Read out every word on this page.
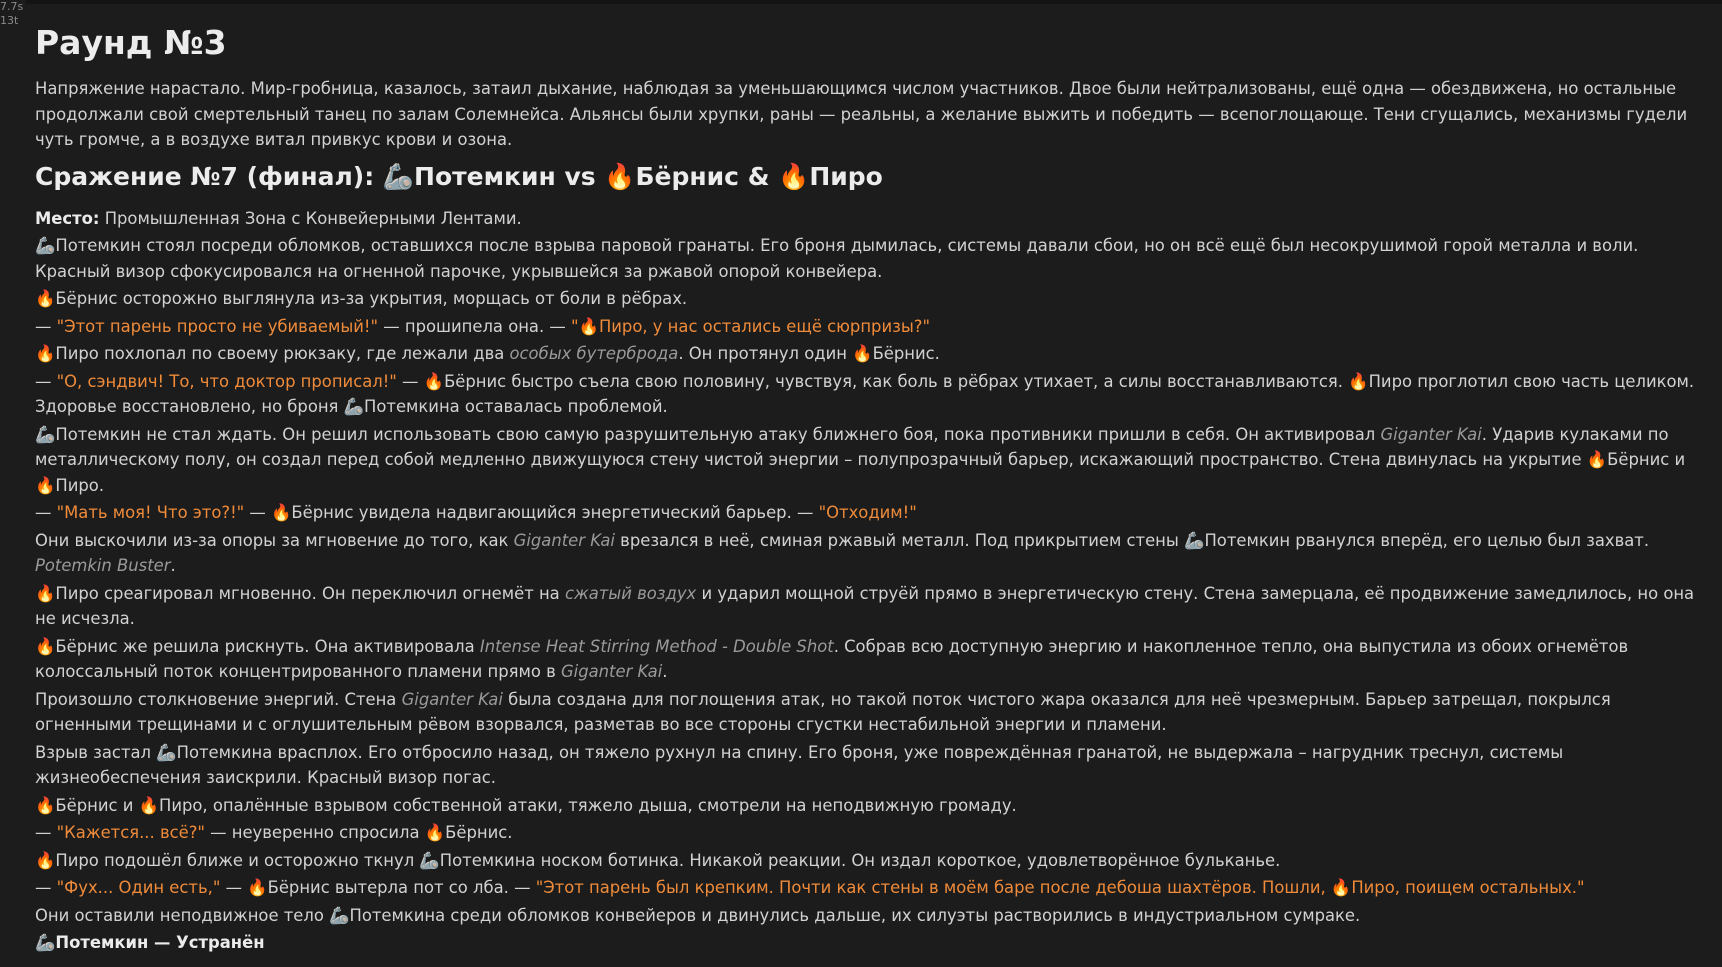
7.7s
13t
Раунд №3

Напряжение нарастало. Мир-гробница, казалось, затаил дыхание, наблюдая за уменьшающимся числом участников. Двое были нейтрализованы, ещё одна — обездвижена, но остальные продолжали свой смертельный танец по залам Солемнейса. Альянсы были хрупки, раны — реальны, а желание выжить и победить — всепоглощающе. Тени сгущались, механизмы гудели чуть громче, а в воздухе витал привкус крови и озона.

Сражение №7 (финал): 🦾Потемкин vs 🔥Бёрнис & 🔥Пиро
Место: Промышленная Зона с Конвейерными Лентами.
🦾Потемкин стоял посреди обломков, оставшихся после взрыва паровой гранаты. Его броня дымилась, системы давали сбои, но он всё ещё был несокрушимой горой металла и воли. Красный визор сфокусировался на огненной парочке, укрывшейся за ржавой опорой конвейера.
🔥Бёрнис осторожно выглянула из-за укрытия, морщась от боли в рёбрах.
— "Этот парень просто не убиваемый!" — прошипела она. — "🔥Пиро, у нас остались ещё сюрпризы?"
🔥Пиро похлопал по своему рюкзаку, где лежали два особых бутерброда. Он протянул один 🔥Бёрнис.
— "О, сэндвич! То, что доктор прописал!" — 🔥Бёрнис быстро съела свою половину, чувствуя, как боль в рёбрах утихает, а силы восстанавливаются. 🔥Пиро проглотил свою часть целиком. Здоровье восстановлено, но броня 🦾Потемкина оставалась проблемой.
🦾Потемкин не стал ждать. Он решил использовать свою самую разрушительную атаку ближнего боя, пока противники пришли в себя. Он активировал Giganter Kai. Ударив кулаками по металлическому полу, он создал перед собой медленно движущуюся стену чистой энергии – полупрозрачный барьер, искажающий пространство. Стена двинулась на укрытие 🔥Бёрнис и 🔥Пиро.
— "Мать моя! Что это?!" — 🔥Бёрнис увидела надвигающийся энергетический барьер. — "Отходим!"
Они выскочили из-за опоры за мгновение до того, как Giganter Kai врезался в неё, сминая ржавый металл. Под прикрытием стены 🦾Потемкин рванулся вперёд, его целью был захват. Potemkin Buster.
🔥Пиро среагировал мгновенно. Он переключил огнемёт на сжатый воздух и ударил мощной струёй прямо в энергетическую стену. Стена замерцала, её продвижение замедлилось, но она не исчезла.
🔥Бёрнис же решила рискнуть. Она активировала Intense Heat Stirring Method - Double Shot. Собрав всю доступную энергию и накопленное тепло, она выпустила из обоих огнемётов колоссальный поток концентрированного пламени прямо в Giganter Kai.
Произошло столкновение энергий. Стена Giganter Kai была создана для поглощения атак, но такой поток чистого жара оказался для неё чрезмерным. Барьер затрещал, покрылся огненными трещинами и с оглушительным рёвом взорвался, разметав во все стороны сгустки нестабильной энергии и пламени.
Взрыв застал 🦾Потемкина врасплох. Его отбросило назад, он тяжело рухнул на спину. Его броня, уже повреждённая гранатой, не выдержала – нагрудник треснул, системы жизнеобеспечения заискрили. Красный визор погас.
🔥Бёрнис и 🔥Пиро, опалённые взрывом собственной атаки, тяжело дыша, смотрели на неподвижную громаду.
— "Кажется... всё?" — неуверенно спросила 🔥Бёрнис.
🔥Пиро подошёл ближе и осторожно ткнул 🦾Потемкина носком ботинка. Никакой реакции. Он издал короткое, удовлетворённое бульканье.
— "Фух... Один есть," — 🔥Бёрнис вытерла пот со лба. — "Этот парень был крепким. Почти как стены в моём баре после дебоша шахтёров. Пошли, 🔥Пиро, поищем остальных."
Они оставили неподвижное тело 🦾Потемкина среди обломков конвейеров и двинулись дальше, их силуэты растворились в индустриальном сумраке.
🦾Потемкин — Устранён
